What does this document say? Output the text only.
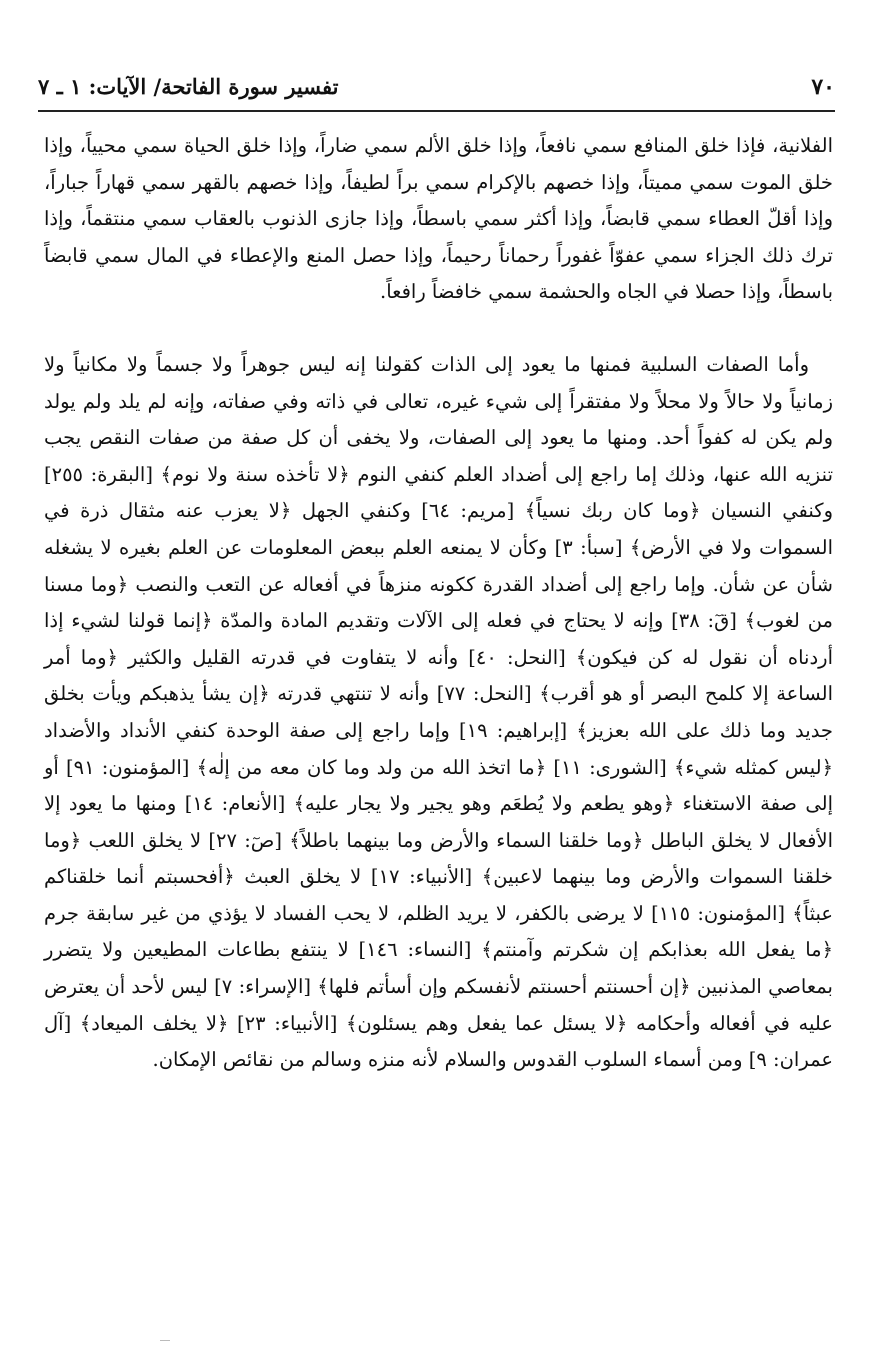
٧٠
تفسير سورة الفاتحة/ الآيات: ١ ـ ٧

الفلانية، فإذا خلق المنافع سمي نافعاً، وإذا خلق الألم سمي ضاراً، وإذا خلق الحياة سمي محيياً، وإذا خلق الموت سمي مميتاً، وإذا خصهم بالإكرام سمي براً لطيفاً، وإذا خصهم بالقهر سمي قهاراً جباراً، وإذا أقلّ العطاء سمي قابضاً، وإذا أكثر سمي باسطاً، وإذا جازى الذنوب بالعقاب سمي منتقماً، وإذا ترك ذلك الجزاء سمي عفوّاً غفوراً رحماناً رحيماً، وإذا حصل المنع والإعطاء في المال سمي قابضاً باسطاً، وإذا حصلا في الجاه والحشمة سمي خافضاً رافعاً.

وأما الصفات السلبية فمنها ما يعود إلى الذات كقولنا إنه ليس جوهراً ولا جسماً ولا مكانياً ولا زمانياً ولا حالاً ولا محلاً ولا مفتقراً إلى شيء غيره، تعالى في ذاته وفي صفاته، وإنه لم يلد ولم يولد ولم يكن له كفواً أحد. ومنها ما يعود إلى الصفات، ولا يخفى أن كل صفة من صفات النقص يجب تنزيه الله عنها، وذلك إما راجع إلى أضداد العلم كنفي النوم ﴿لا تأخذه سنة ولا نوم﴾ [البقرة: ٢٥٥] وكنفي النسيان ﴿وما كان ربك نسياً﴾ [مريم: ٦٤] وكنفي الجهل ﴿لا يعزب عنه مثقال ذرة في السموات ولا في الأرض﴾ [سبأ: ٣] وكأن لا يمنعه العلم ببعض المعلومات عن العلم بغيره لا يشغله شأن عن شأن. وإما راجع إلى أضداد القدرة ككونه منزهاً في أفعاله عن التعب والنصب ﴿وما مسنا من لغوب﴾ [قٓ: ٣٨] وإنه لا يحتاج في فعله إلى الآلات وتقديم المادة والمدّة ﴿إنما قولنا لشيء إذا أردناه أن نقول له كن فيكون﴾ [النحل: ٤٠] وأنه لا يتفاوت في قدرته القليل والكثير ﴿وما أمر الساعة إلا كلمح البصر أو هو أقرب﴾ [النحل: ٧٧] وأنه لا تنتهي قدرته ﴿إن يشأ يذهبكم ويأت بخلق جديد وما ذلك على الله بعزيز﴾ [إبراهيم: ١٩] وإما راجع إلى صفة الوحدة كنفي الأنداد والأضداد ﴿ليس كمثله شيء﴾ [الشورى: ١١] ﴿ما اتخذ الله من ولد وما كان معه من إلٰه﴾ [المؤمنون: ٩١] أو إلى صفة الاستغناء ﴿وهو يطعم ولا يُطعَم وهو يجير ولا يجار عليه﴾ [الأنعام: ١٤] ومنها ما يعود إلا الأفعال لا يخلق الباطل ﴿وما خلقنا السماء والأرض وما بينهما باطلاً﴾ [صٓ: ٢٧] لا يخلق اللعب ﴿وما خلقنا السموات والأرض وما بينهما لاعبين﴾ [الأنبياء: ١٧] لا يخلق العبث ﴿أفحسبتم أنما خلقناكم عبثاً﴾ [المؤمنون: ١١٥] لا يرضى بالكفر، لا يريد الظلم، لا يحب الفساد لا يؤذي من غير سابقة جرم ﴿ما يفعل الله بعذابكم إن شكرتم وآمنتم﴾ [النساء: ١٤٦] لا ينتفع بطاعات المطيعين ولا يتضرر بمعاصي المذنبين ﴿إن أحسنتم أحسنتم لأنفسكم وإن أسأتم فلها﴾ [الإسراء: ٧] ليس لأحد أن يعترض عليه في أفعاله وأحكامه ﴿لا يسئل عما يفعل وهم يسئلون﴾ [الأنبياء: ٢٣] ﴿لا يخلف الميعاد﴾ [آل عمران: ٩] ومن أسماء السلوب القدوس والسلام لأنه منزه وسالم من نقائص الإمكان.
